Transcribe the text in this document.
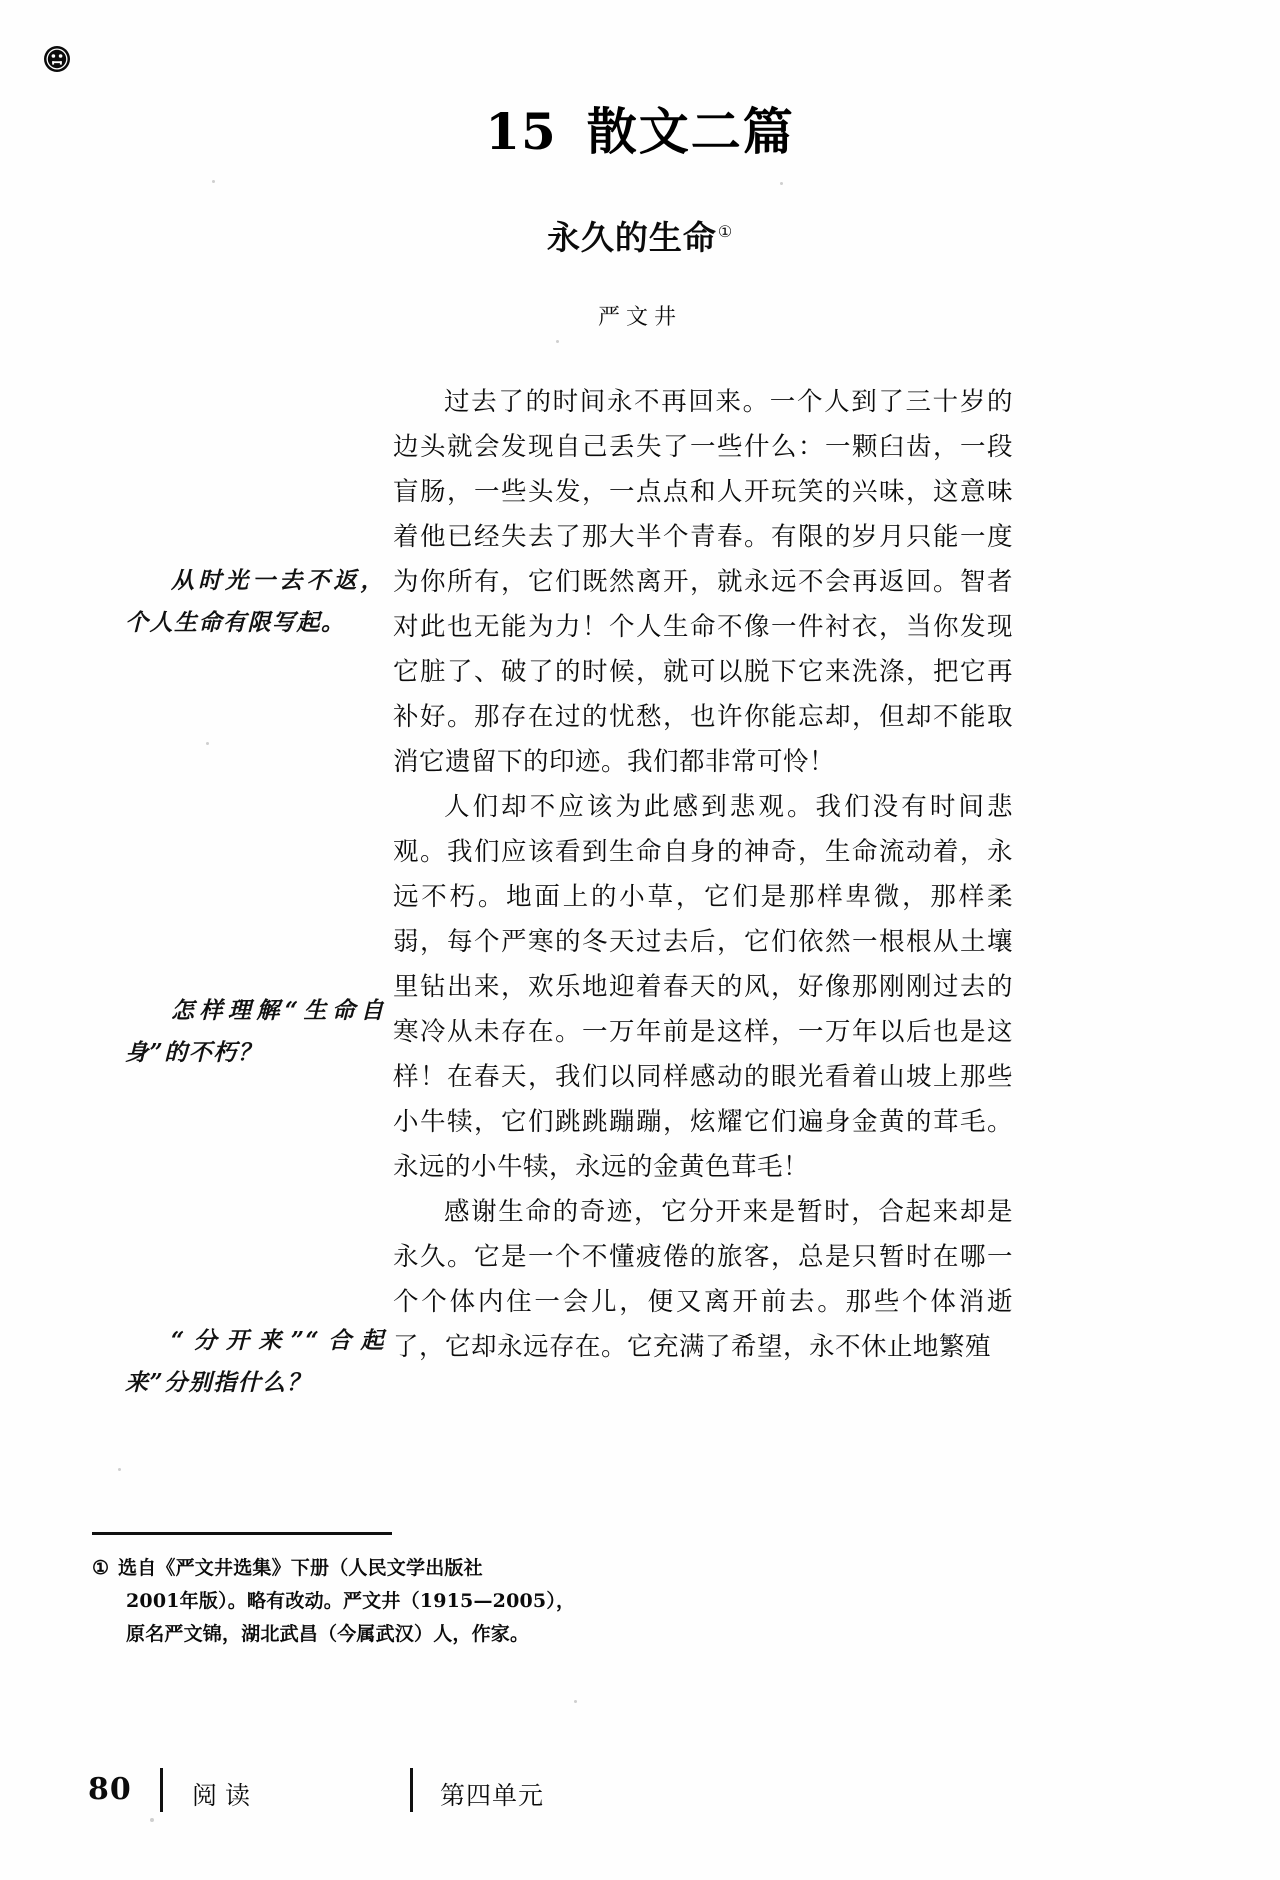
15 散文二篇
永久的生命①
严文井

过去了的时间永不再回来。一个人到了三十岁的边头就会发现自己丢失了一些什么：一颗臼齿，一段盲肠，一些头发，一点点和人开玩笑的兴味，这意味着他已经失去了那大半个青春。有限的岁月只能一度为你所有，它们既然离开，就永远不会再返回。智者对此也无能为力！个人生命不像一件衬衣，当你发现它脏了、破了的时候，就可以脱下它来洗涤，把它再补好。那存在过的忧愁，也许你能忘却，但却不能取消它遗留下的印迹。我们都非常可怜！

人们却不应该为此感到悲观。我们没有时间悲观。我们应该看到生命自身的神奇，生命流动着，永远不朽。地面上的小草，它们是那样卑微，那样柔弱，每个严寒的冬天过去后，它们依然一根根从土壤里钻出来，欢乐地迎着春天的风，好像那刚刚过去的寒冷从未存在。一万年前是这样，一万年以后也是这样！在春天，我们以同样感动的眼光看着山坡上那些小牛犊，它们跳跳蹦蹦，炫耀它们遍身金黄的茸毛。永远的小牛犊，永远的金黄色茸毛！

感谢生命的奇迹，它分开来是暂时，合起来却是永久。它是一个不懂疲倦的旅客，总是只暂时在哪一个个体内住一会儿，便又离开前去。那些个体消逝了，它却永远存在。它充满了希望，永不休止地繁殖

从时光一去不返，个人生命有限写起。
怎样理解“生命自身”的不朽？
“分开来”“合起来”分别指什么？
① 选自《严文井选集》下册（人民文学出版社
2001年版）。略有改动。严文井（1915—2005），
原名严文锦，湖北武昌（今属武汉）人，作家。
80 阅读	第四单元
